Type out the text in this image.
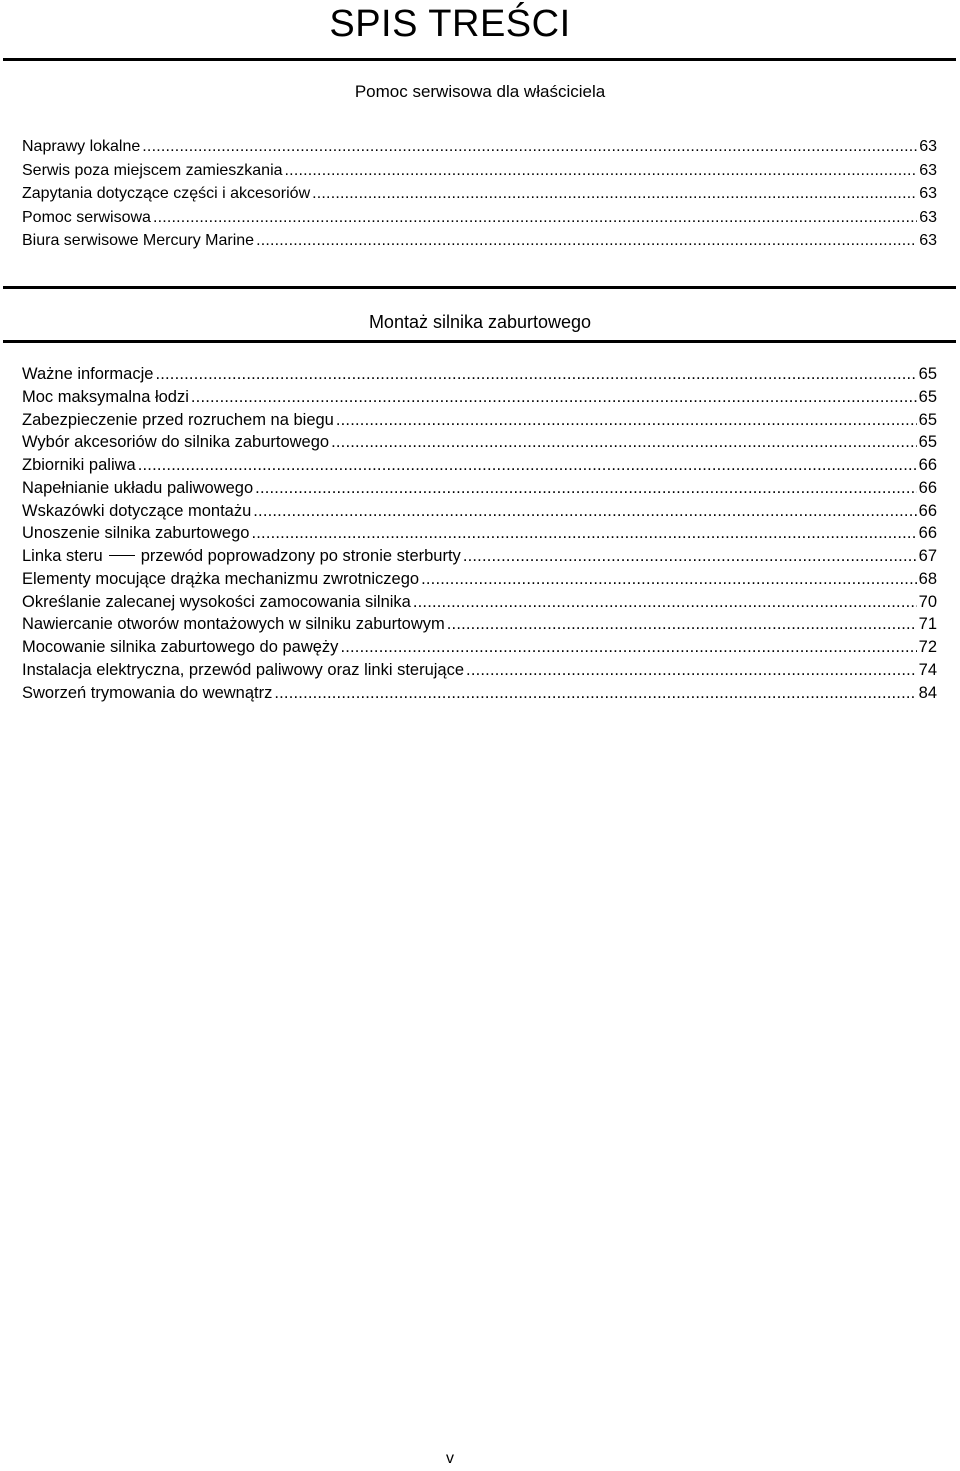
SPIS TREŚCI
Pomoc serwisowa dla właściciela
Naprawy lokalne .....	63
Serwis poza miejscem zamieszkania .....	63
Zapytania dotyczące części i akcesoriów .....	63
Pomoc serwisowa .....	63
Biura serwisowe Mercury Marine .....	63
Montaż silnika zaburtowego
Ważne informacje .....	65
Moc maksymalna łodzi .....	65
Zabezpieczenie przed rozruchem na biegu .....	65
Wybór akcesoriów do silnika zaburtowego .....	65
Zbiorniki paliwa .....	66
Napełnianie układu paliwowego .....	66
Wskazówki dotyczące montażu .....	66
Unoszenie silnika zaburtowego .....	66
Linka steru przewód poprowadzony po stronie sterburty .....	67
Elementy mocujące drążka mechanizmu zwrotniczego .....	68
Określanie zalecanej wysokości zamocowania silnika .....	70
Nawiercanie otworów montażowych w silniku zaburtowym .....	71
Mocowanie silnika zaburtowego do pawęży .....	72
Instalacja elektryczna, przewód paliwowy oraz linki sterujące .....	74
Sworzeń trymowania do wewnątrz .....	84
v
